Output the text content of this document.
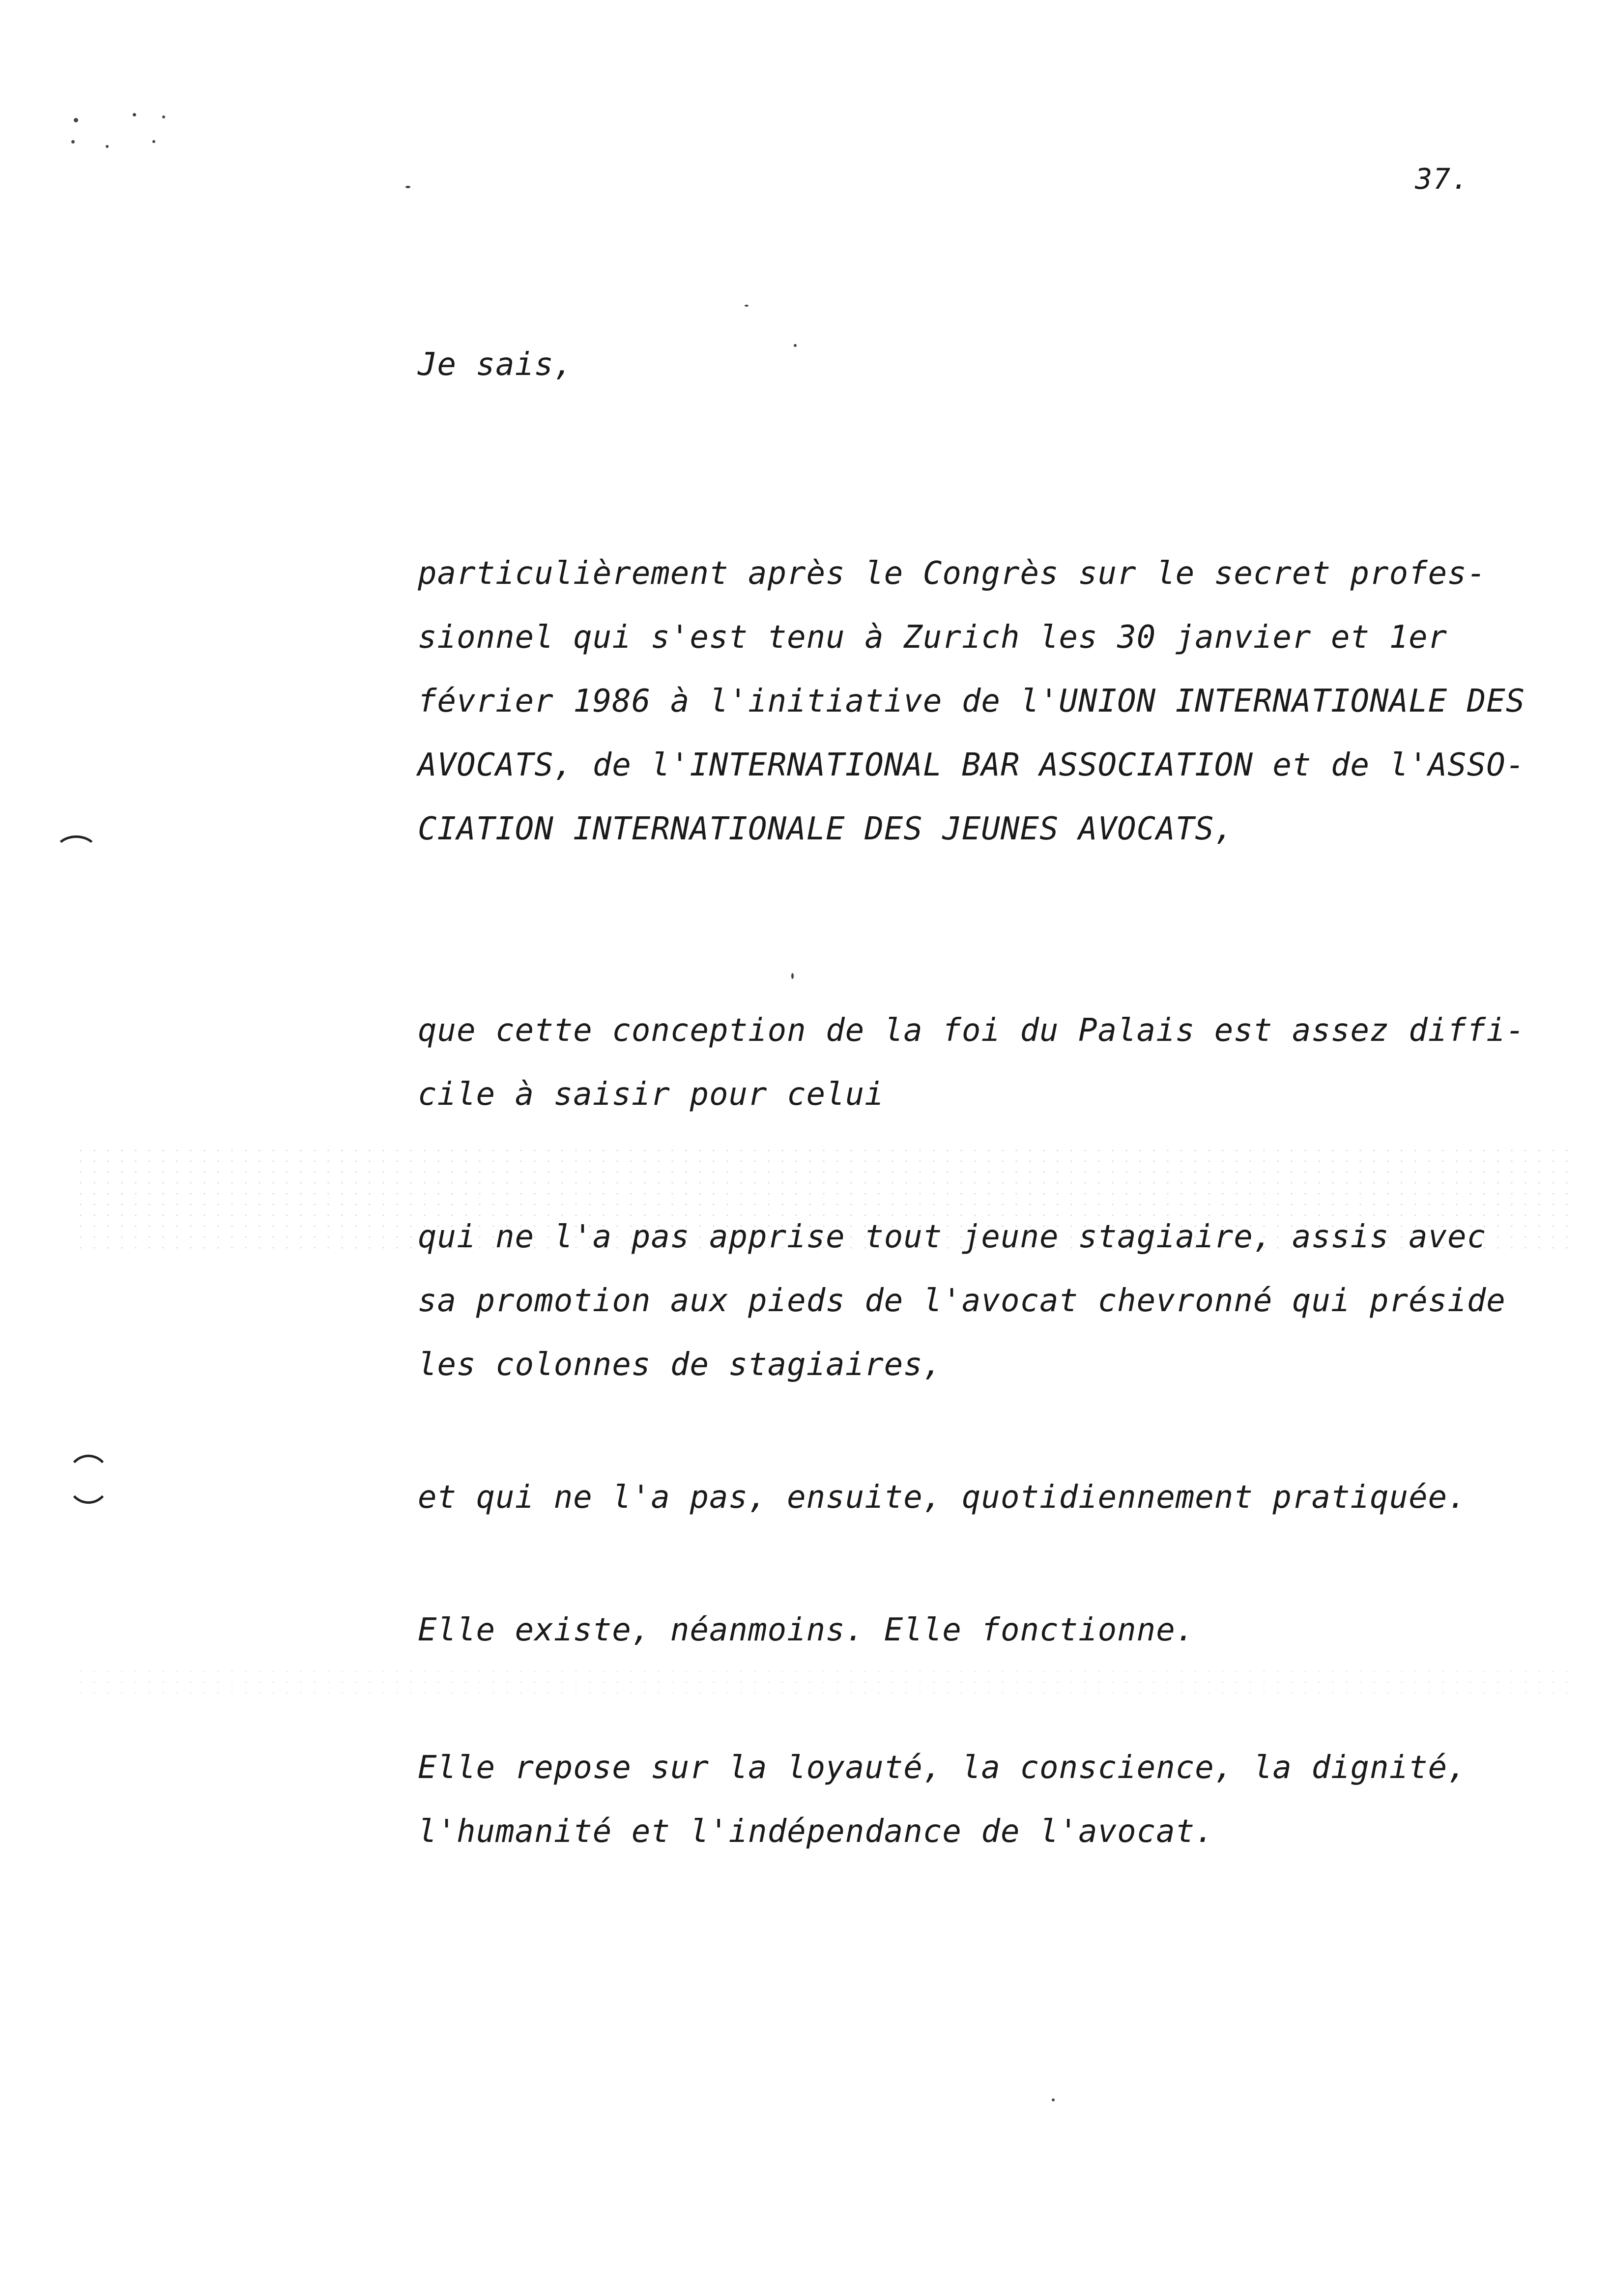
37.
Je sais,
particulièrement après le Congrès sur le secret profes-
sionnel qui s'est tenu à Zurich les 30 janvier et 1er
février 1986 à l'initiative de l'UNION INTERNATIONALE DES
AVOCATS, de l'INTERNATIONAL BAR ASSOCIATION et de l'ASSO-
CIATION INTERNATIONALE DES JEUNES AVOCATS,
que cette conception de la foi du Palais est assez diffi-
cile à saisir pour celui
qui ne l'a pas apprise tout jeune stagiaire, assis avec
sa promotion aux pieds de l'avocat chevronné qui préside
les colonnes de stagiaires,
et qui ne l'a pas, ensuite, quotidiennement pratiquée.
Elle existe, néanmoins. Elle fonctionne.
Elle repose sur la loyauté, la conscience, la dignité,
l'humanité et l'indépendance de l'avocat.
